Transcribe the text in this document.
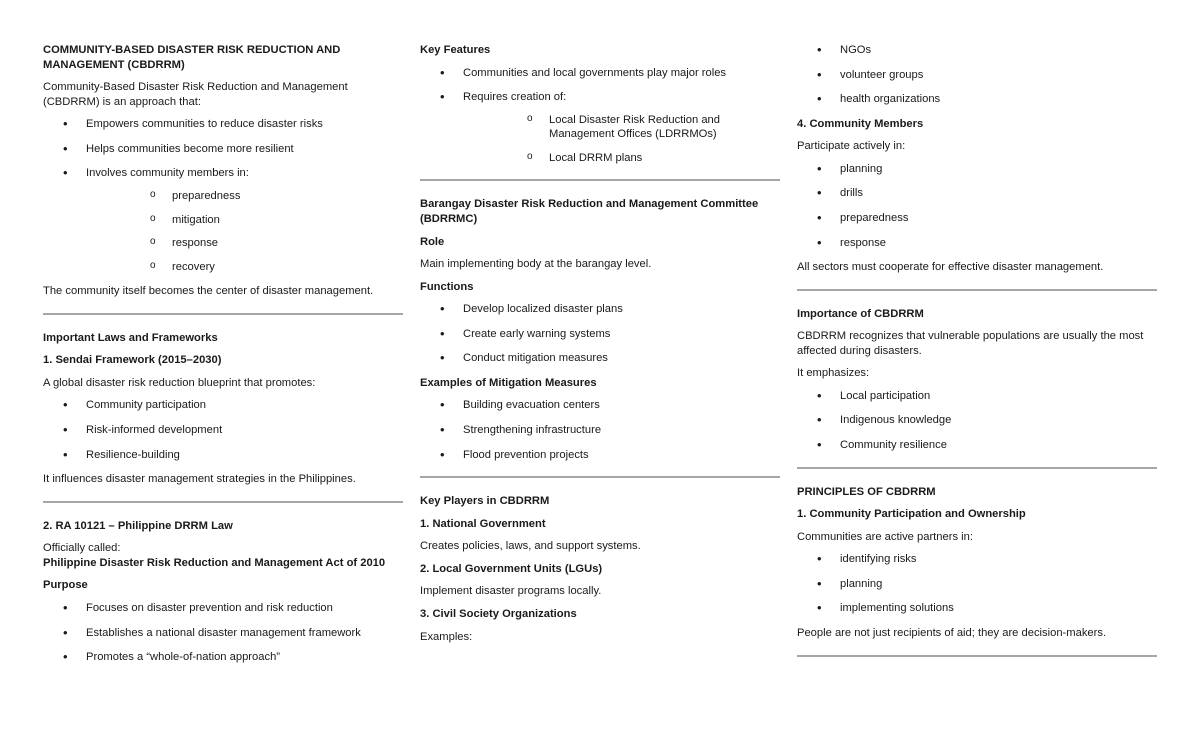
COMMUNITY-BASED DISASTER RISK REDUCTION AND MANAGEMENT (CBDRRM)
Community-Based Disaster Risk Reduction and Management (CBDRRM) is an approach that:
• Empowers communities to reduce disaster risks
• Helps communities become more resilient
• Involves community members in:
o preparedness
o mitigation
o response
o recovery
The community itself becomes the center of disaster management.
Important Laws and Frameworks
1. Sendai Framework (2015–2030)
A global disaster risk reduction blueprint that promotes:
• Community participation
• Risk-informed development
• Resilience-building
It influences disaster management strategies in the Philippines.
2. RA 10121 – Philippine DRRM Law
Officially called:
Philippine Disaster Risk Reduction and Management Act of 2010
Purpose
• Focuses on disaster prevention and risk reduction
• Establishes a national disaster management framework
• Promotes a “whole-of-nation approach”
Key Features
• Communities and local governments play major roles
• Requires creation of:
o Local Disaster Risk Reduction and Management Offices (LDRRMOs)
o Local DRRM plans
Barangay Disaster Risk Reduction and Management Committee (BDRRMC)
Role
Main implementing body at the barangay level.
Functions
• Develop localized disaster plans
• Create early warning systems
• Conduct mitigation measures
Examples of Mitigation Measures
• Building evacuation centers
• Strengthening infrastructure
• Flood prevention projects
Key Players in CBDRRM
1. National Government
Creates policies, laws, and support systems.
2. Local Government Units (LGUs)
Implement disaster programs locally.
3. Civil Society Organizations
Examples:
• NGOs
• volunteer groups
• health organizations
4. Community Members
Participate actively in:
• planning
• drills
• preparedness
• response
All sectors must cooperate for effective disaster management.
Importance of CBDRRM
CBDRRM recognizes that vulnerable populations are usually the most affected during disasters.
It emphasizes:
• Local participation
• Indigenous knowledge
• Community resilience
PRINCIPLES OF CBDRRM
1. Community Participation and Ownership
Communities are active partners in:
• identifying risks
• planning
• implementing solutions
People are not just recipients of aid; they are decision-makers.
